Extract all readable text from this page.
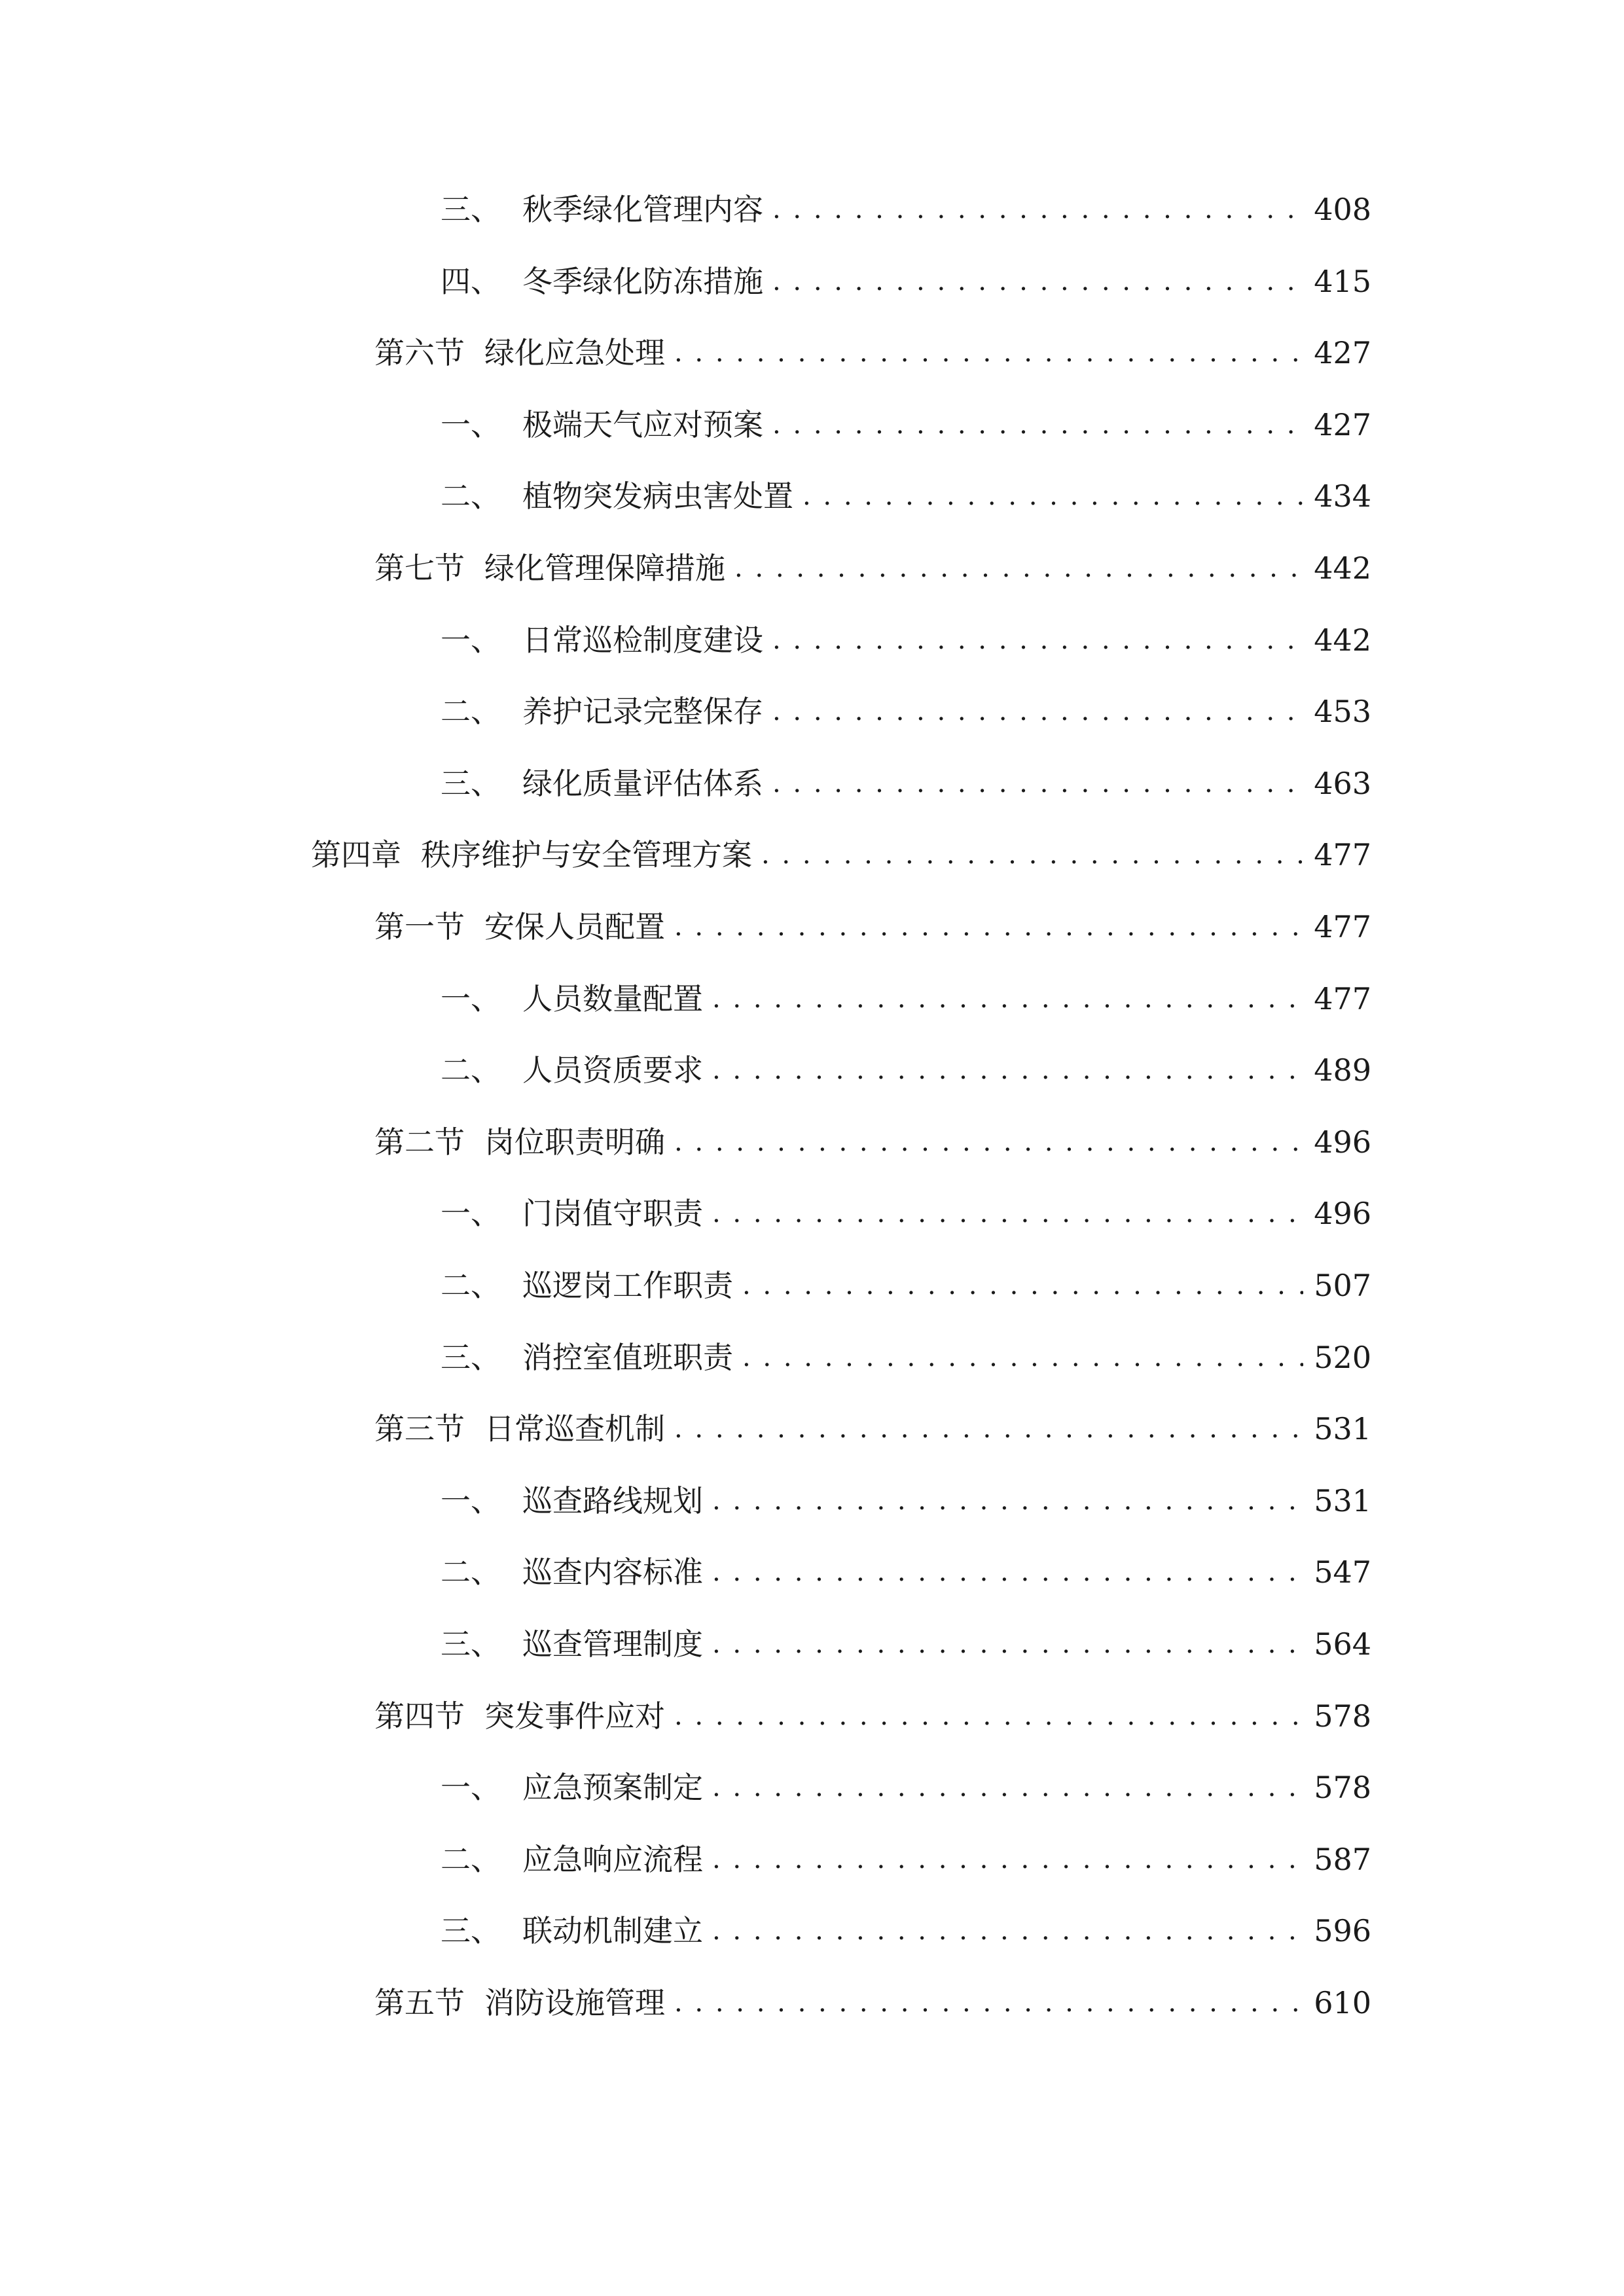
三、 秋季绿化管理内容 . . .	408
四、 冬季绿化防冻措施 . . .	415
第六节 绿化应急处理 . . .	427
一、 极端天气应对预案 . . .	427
二、 植物突发病虫害处置 . . .	434
第七节 绿化管理保障措施 . . .	442
一、 日常巡检制度建设 . . .	442
二、 养护记录完整保存 . . .	453
三、 绿化质量评估体系 . . .	463
第四章 秩序维护与安全管理方案 . . .	477
第一节 安保人员配置 . . .	477
一、 人员数量配置 . . .	477
二、 人员资质要求 . . .	489
第二节 岗位职责明确 . . .	496
一、 门岗值守职责 . . .	496
二、 巡逻岗工作职责 . . .	507
三、 消控室值班职责 . . .	520
第三节 日常巡查机制 . . .	531
一、 巡查路线规划 . . .	531
二、 巡查内容标准 . . .	547
三、 巡查管理制度 . . .	564
第四节 突发事件应对 . . .	578
一、 应急预案制定 . . .	578
二、 应急响应流程 . . .	587
三、 联动机制建立 . . .	596
第五节 消防设施管理 . . .	610
